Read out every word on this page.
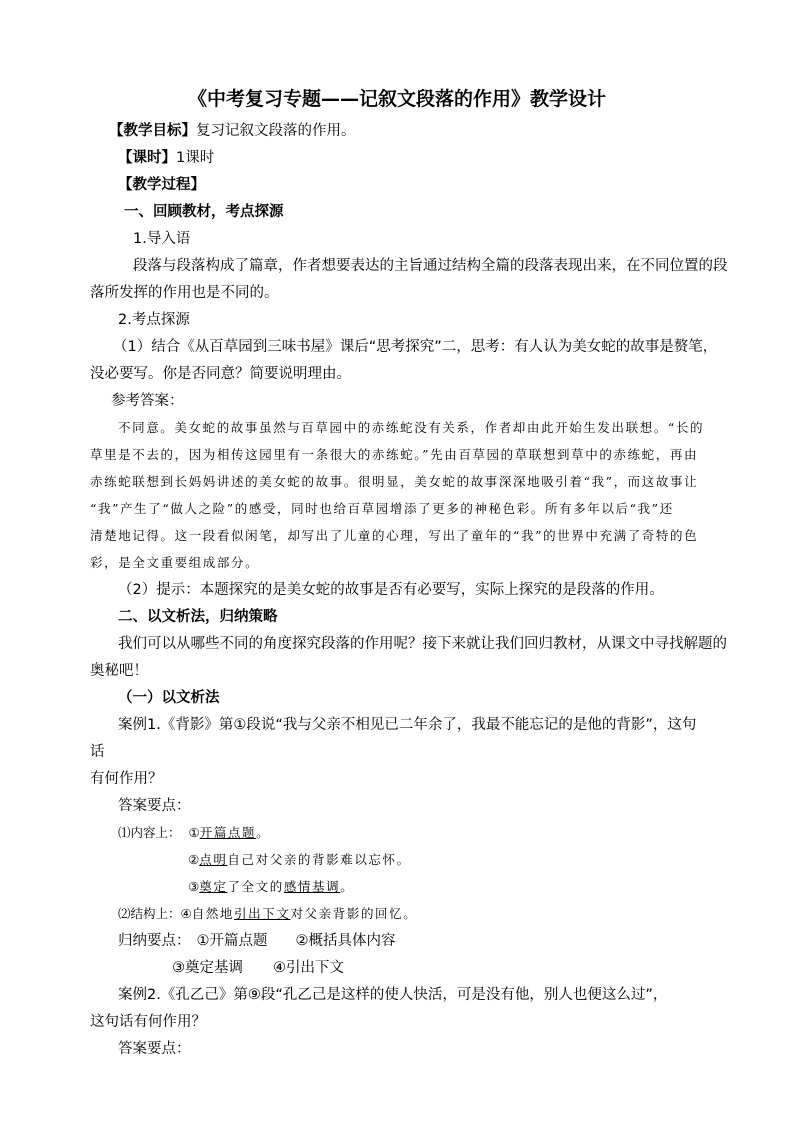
《中考复习专题——记叙文段落的作用》教学设计
【教学目标】复习记叙文段落的作用。
【课时】1课时
【教学过程】
一、回顾教材，考点探源
1.导入语
段落与段落构成了篇章，作者想要表达的主旨通过结构全篇的段落表现出来，在不同位置的段
落所发挥的作用也是不同的。
2.考点探源
（1）结合《从百草园到三味书屋》课后“思考探究”二，思考：有人认为美女蛇的故事是赘笔，
没必要写。你是否同意？简要说明理由。
参考答案：
不同意。美女蛇的故事虽然与百草园中的赤练蛇没有关系，作者却由此开始生发出联想。“长的
草里是不去的，因为相传这园里有一条很大的赤练蛇。”先由百草园的草联想到草中的赤练蛇，再由
赤练蛇联想到长妈妈讲述的美女蛇的故事。很明显，美女蛇的故事深深地吸引着“我”，而这故事让
“我”产生了“做人之险”的感受，同时也给百草园增添了更多的神秘色彩。所有多年以后“我”还
清楚地记得。这一段看似闲笔，却写出了儿童的心理，写出了童年的“我”的世界中充满了奇特的色
彩，是全文重要组成部分。
（2）提示：本题探究的是美女蛇的故事是否有必要写，实际上探究的是段落的作用。
二、以文析法，归纳策略
我们可以从哪些不同的角度探究段落的作用呢？接下来就让我们回归教材，从课文中寻找解题的
奥秘吧！
（一）以文析法
案例1.《背影》第①段说“我与父亲不相见已二年余了，我最不能忘记的是他的背影”，这句
话
有何作用？
答案要点：
⑴内容上： ①开篇点题。
②点明自己对父亲的背影难以忘怀。
③奠定了全文的感情基调。
⑵结构上：④自然地引出下文对父亲背影的回忆。
归纳要点： ①开篇点题 ②概括具体内容
③奠定基调 ④引出下文
案例2.《孔乙己》第⑨段“孔乙己是这样的使人快活，可是没有他，别人也便这么过”，
这句话有何作用？
答案要点：
